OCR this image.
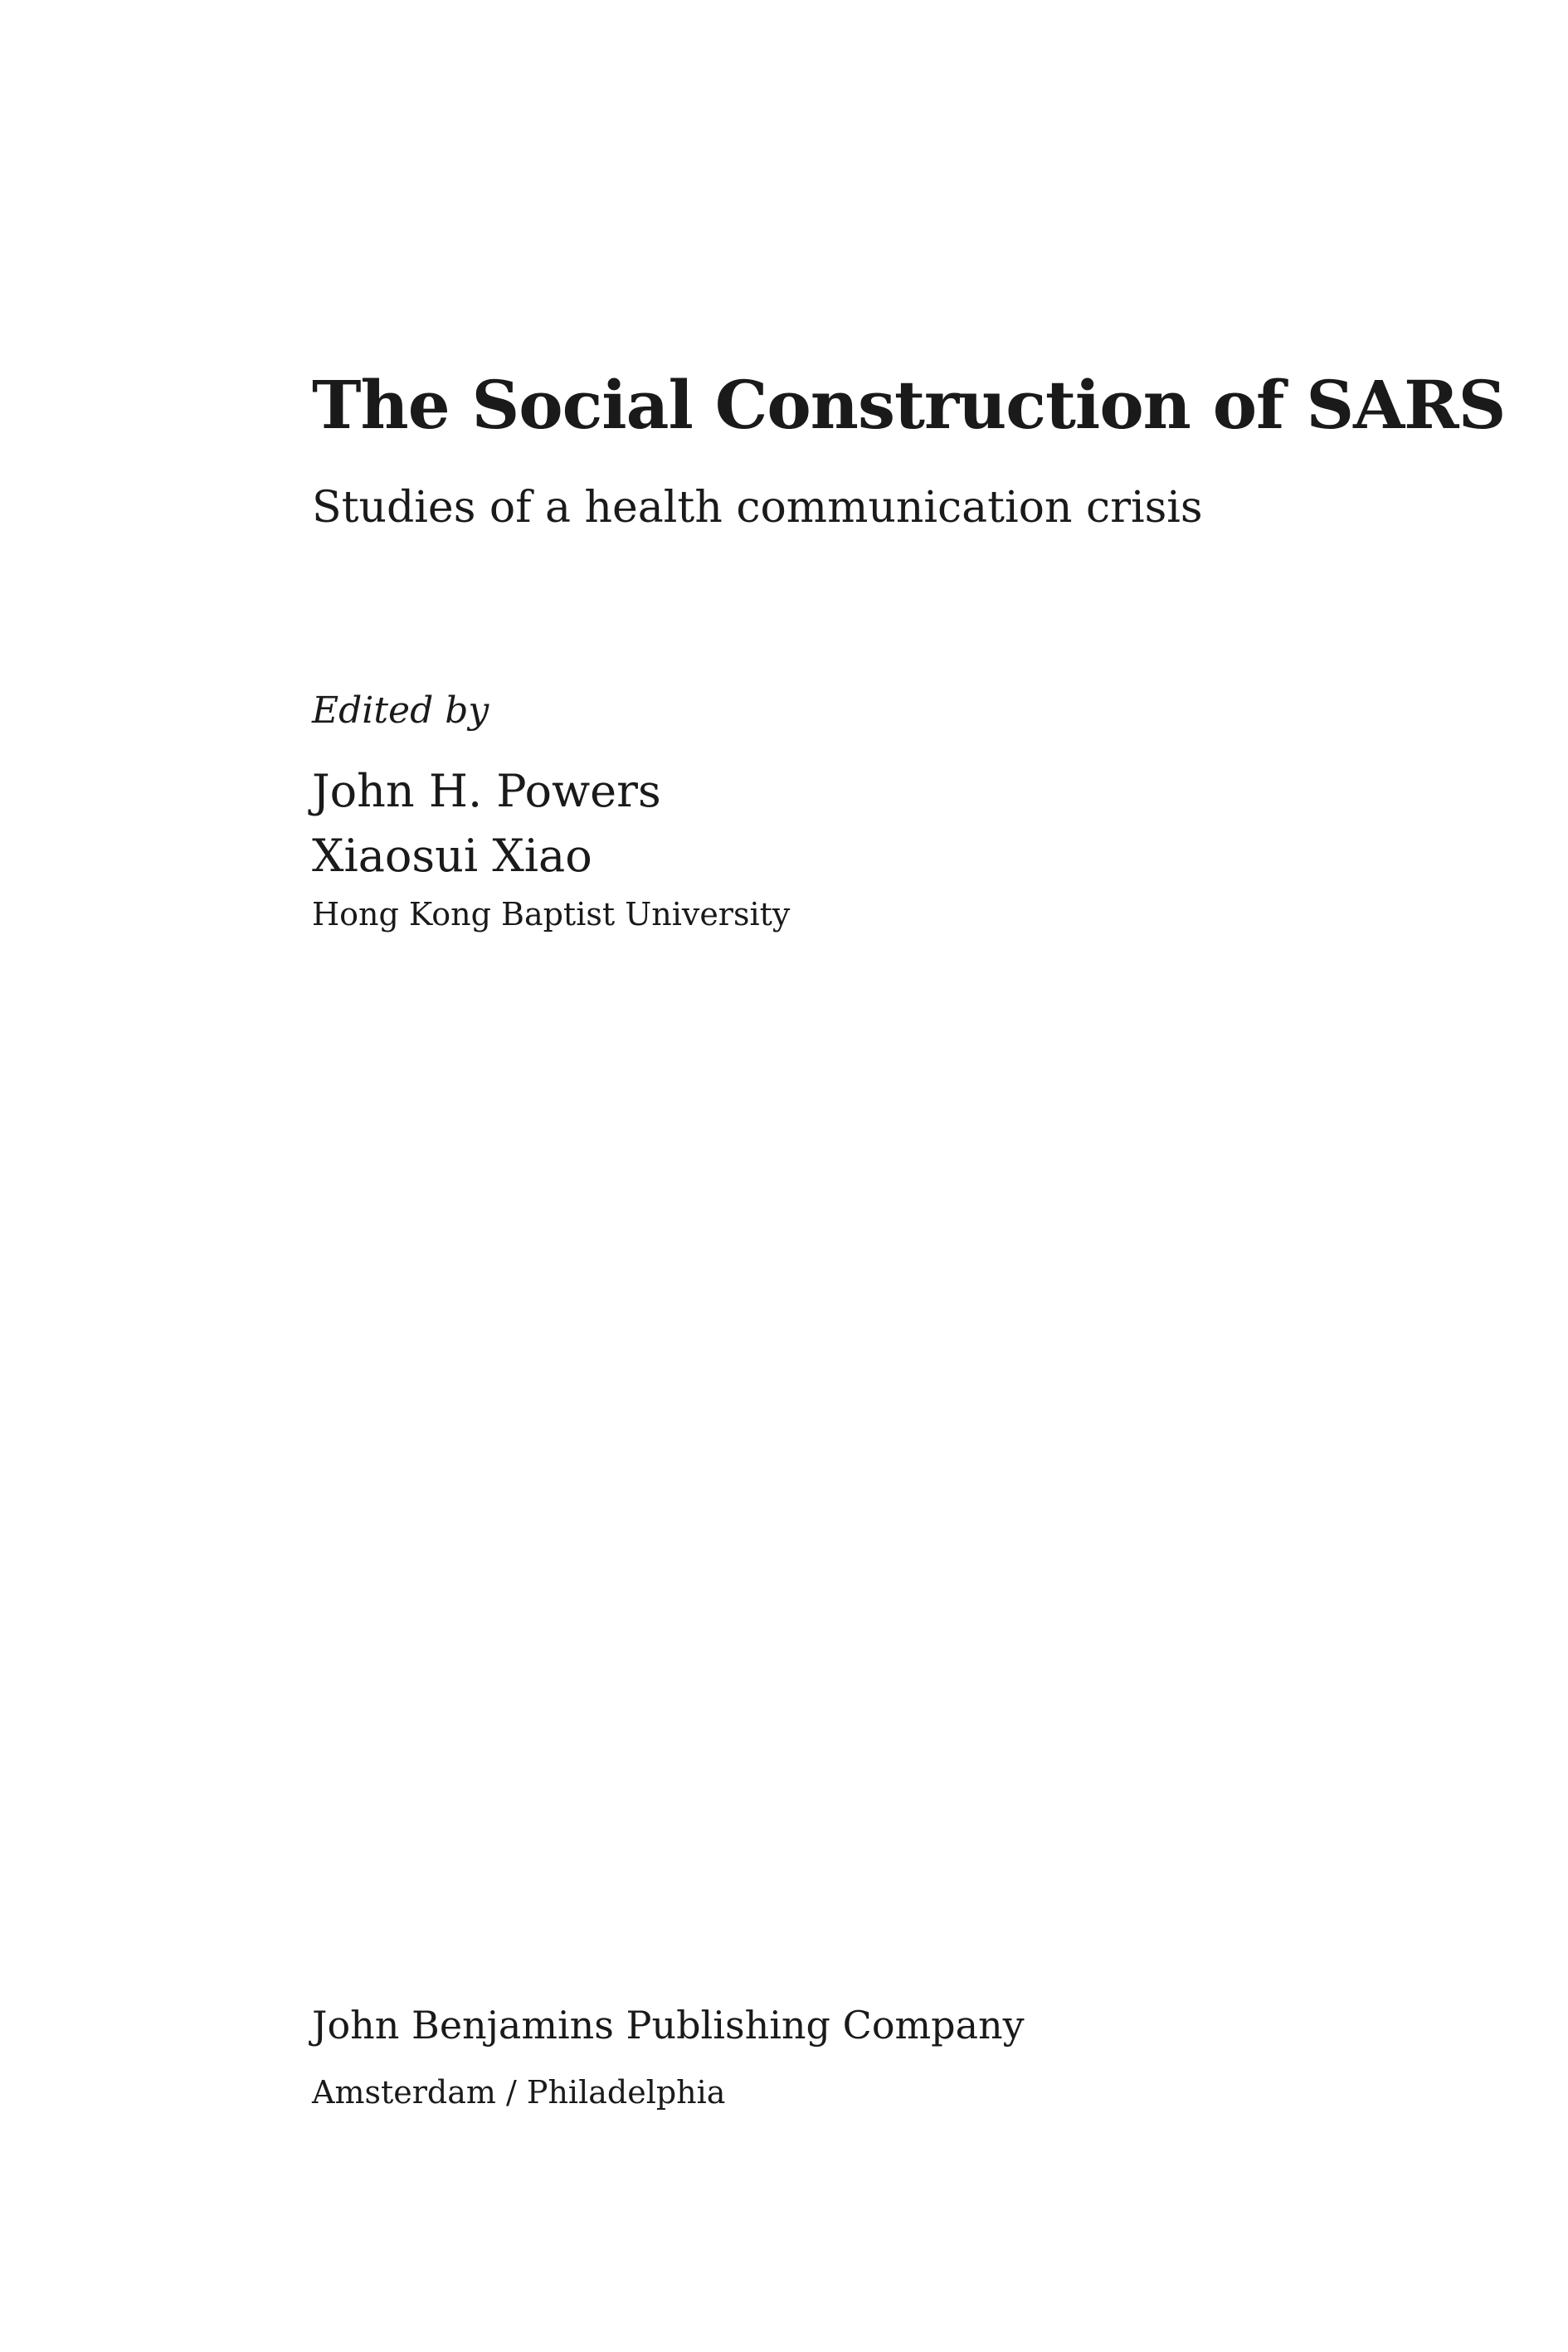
The Social Construction of SARS
Studies of a health communication crisis
Edited by
John H. Powers
Xiaosui Xiao
Hong Kong Baptist University
John Benjamins Publishing Company
Amsterdam / Philadelphia
